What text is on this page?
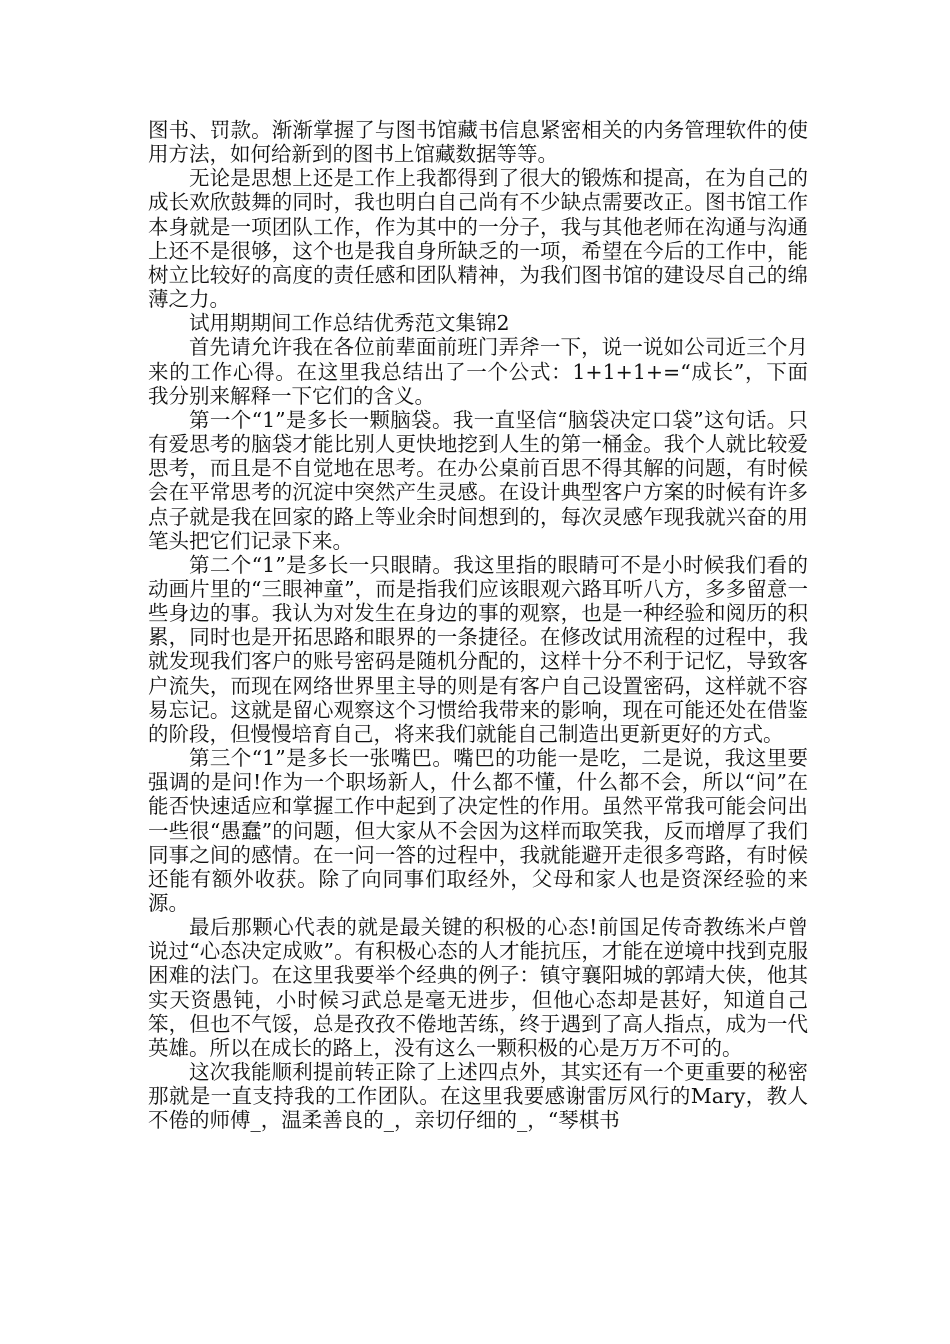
图书、罚款。渐渐掌握了与图书馆藏书信息紧密相关的内务管理软件的使用方法，如何给新到的图书上馆藏数据等等。

无论是思想上还是工作上我都得到了很大的锻炼和提高，在为自己的成长欢欣鼓舞的同时，我也明白自己尚有不少缺点需要改正。图书馆工作本身就是一项团队工作，作为其中的一分子，我与其他老师在沟通与沟通上还不是很够，这个也是我自身所缺乏的一项，希望在今后的工作中，能树立比较好的高度的责任感和团队精神，为我们图书馆的建设尽自己的绵薄之力。

试用期期间工作总结优秀范文集锦2

首先请允许我在各位前辈面前班门弄斧一下，说一说如公司近三个月来的工作心得。在这里我总结出了一个公式：1+1+1+=“成长”，下面我分别来解释一下它们的含义。

第一个“1”是多长一颗脑袋。我一直坚信“脑袋决定口袋”这句话。只有爱思考的脑袋才能比别人更快地挖到人生的第一桶金。我个人就比较爱思考，而且是不自觉地在思考。在办公桌前百思不得其解的问题，有时候会在平常思考的沉淀中突然产生灵感。在设计典型客户方案的时候有许多点子就是我在回家的路上等业余时间想到的，每次灵感乍现我就兴奋的用笔头把它们记录下来。

第二个“1”是多长一只眼睛。我这里指的眼睛可不是小时候我们看的动画片里的“三眼神童”，而是指我们应该眼观六路耳听八方，多多留意一些身边的事。我认为对发生在身边的事的观察，也是一种经验和阅历的积累，同时也是开拓思路和眼界的一条捷径。在修改试用流程的过程中，我就发现我们客户的账号密码是随机分配的，这样十分不利于记忆，导致客户流失，而现在网络世界里主导的则是有客户自己设置密码，这样就不容易忘记。这就是留心观察这个习惯给我带来的影响，现在可能还处在借鉴的阶段，但慢慢培育自己，将来我们就能自己制造出更新更好的方式。

第三个“1”是多长一张嘴巴。嘴巴的功能一是吃，二是说，我这里要强调的是问!作为一个职场新人，什么都不懂，什么都不会，所以“问”在能否快速适应和掌握工作中起到了决定性的作用。虽然平常我可能会问出一些很“愚蠢”的问题，但大家从不会因为这样而取笑我，反而增厚了我们同事之间的感情。在一问一答的过程中，我就能避开走很多弯路，有时候还能有额外收获。除了向同事们取经外，父母和家人也是资深经验的来源。

最后那颗心代表的就是最关键的积极的心态!前国足传奇教练米卢曾说过“心态决定成败”。有积极心态的人才能抗压，才能在逆境中找到克服困难的法门。在这里我要举个经典的例子：镇守襄阳城的郭靖大侠，他其实天资愚钝，小时候习武总是毫无进步，但他心态却是甚好，知道自己笨，但也不气馁，总是孜孜不倦地苦练，终于遇到了高人指点，成为一代英雄。所以在成长的路上，没有这么一颗积极的心是万万不可的。

这次我能顺利提前转正除了上述四点外，其实还有一个更重要的秘密那就是一直支持我的工作团队。在这里我要感谢雷厉风行的Mary，教人不倦的师傅_，温柔善良的_，亲切仔细的_，“琴棋书
